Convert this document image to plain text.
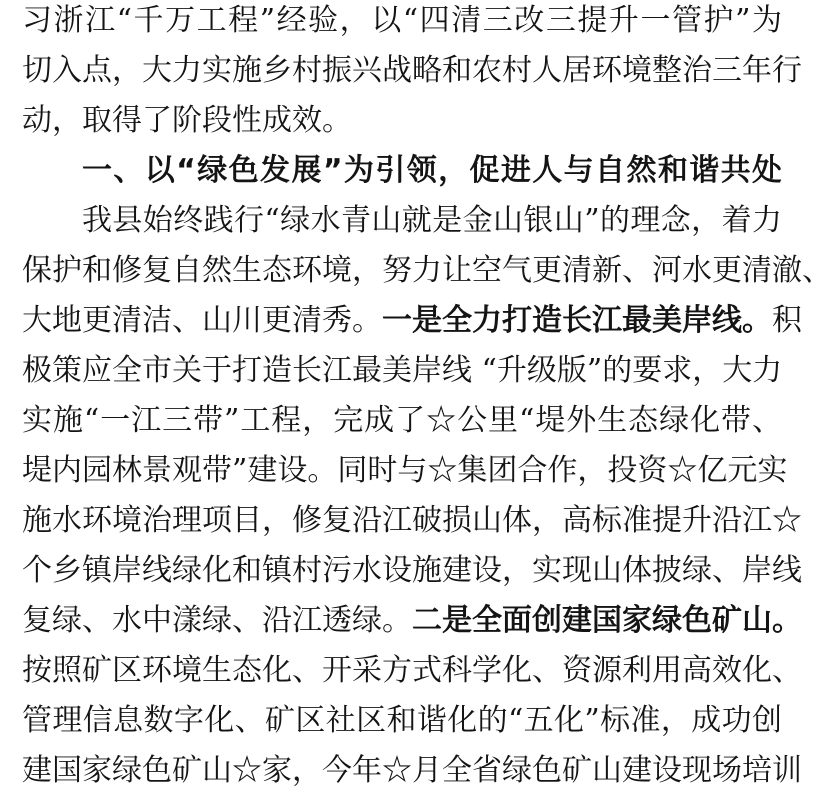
习浙江“千万工程”经验，以“四清三改三提升一管护”为
切入点，大力实施乡村振兴战略和农村人居环境整治三年行
动，取得了阶段性成效。
一、以“绿色发展”为引领，促进人与自然和谐共处
我县始终践行“绿水青山就是金山银山”的理念，着力
保护和修复自然生态环境，努力让空气更清新、河水更清澈、
大地更清洁、山川更清秀。一是全力打造长江最美岸线。积
极策应全市关于打造长江最美岸线 “升级版”的要求，大力
实施“一江三带”工程，完成了☆公里“堤外生态绿化带、
堤内园林景观带”建设。同时与☆集团合作，投资☆亿元实
施水环境治理项目，修复沿江破损山体，高标准提升沿江☆
个乡镇岸线绿化和镇村污水设施建设，实现山体披绿、岸线
复绿、水中漾绿、沿江透绿。二是全面创建国家绿色矿山。
按照矿区环境生态化、开采方式科学化、资源利用高效化、
管理信息数字化、矿区社区和谐化的“五化”标准，成功创
建国家绿色矿山☆家，今年☆月全省绿色矿山建设现场培训
